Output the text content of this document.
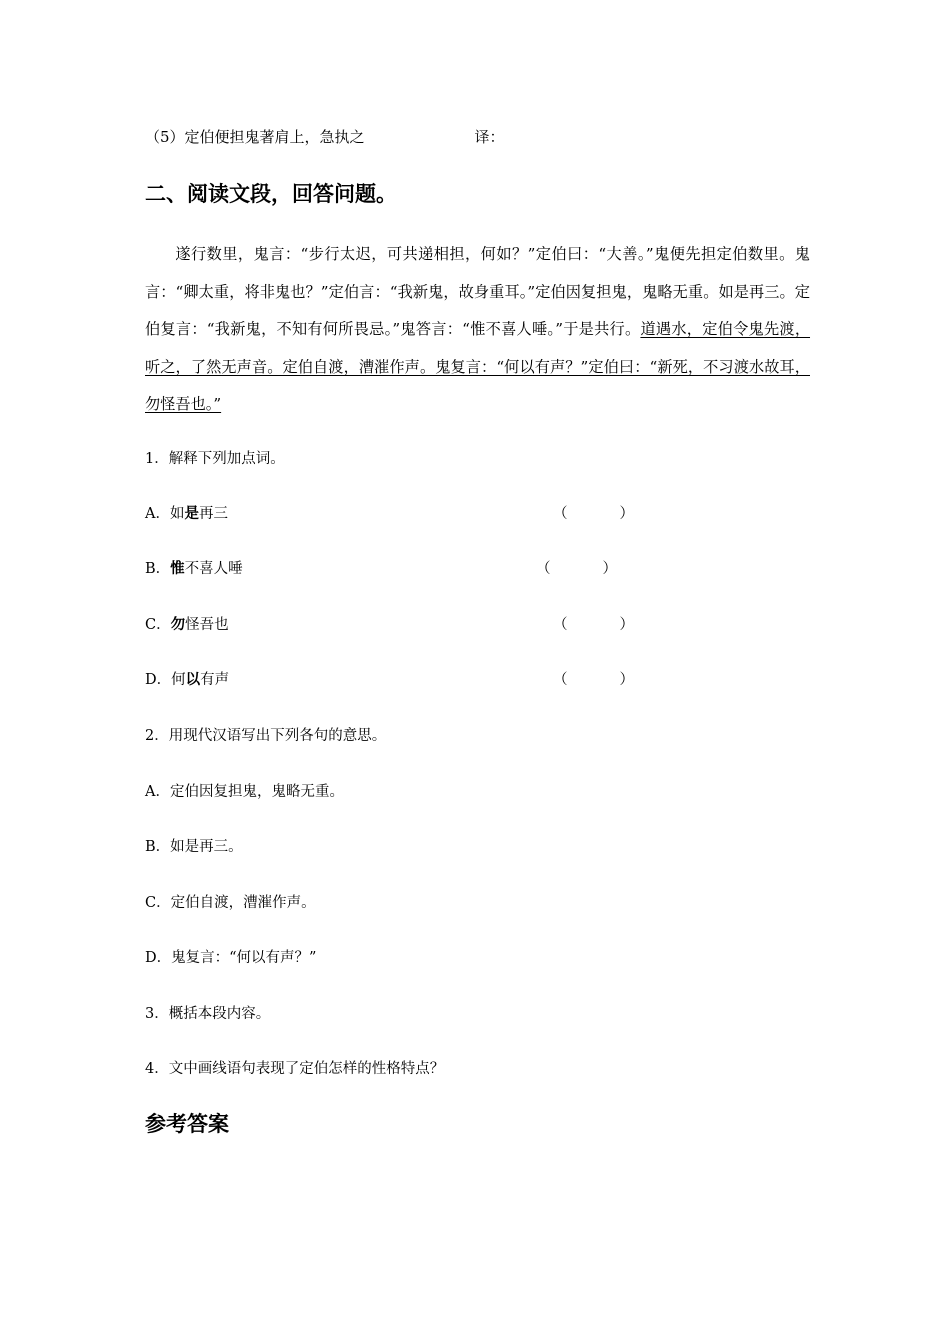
（5）定伯便担鬼著肩上，急执之	译：
二、阅读文段，回答问题。
遂行数里，鬼言：“步行太迟，可共递相担，何如？”定伯曰：“大善。”鬼便先担定伯数里。鬼言：“卿太重，将非鬼也？”定伯言：“我新鬼，故身重耳。”定伯因复担鬼，鬼略无重。如是再三。定伯复言：“我新鬼，不知有何所畏忌。”鬼答言：“惟不喜人唾。”于是共行。道遇水，定伯令鬼先渡，听之，了然无声音。定伯自渡，漕漼作声。鬼复言：“何以有声？”定伯曰：“新死，不习渡水故耳，勿怪吾也。”
1．解释下列加点词。
A．如是再三	（	）
B．惟不喜人唾	（	）
C．勿怪吾也	（	）
D．何以有声	（	）
2．用现代汉语写出下列各句的意思。
A．定伯因复担鬼，鬼略无重。
B．如是再三。
C．定伯自渡，漕漼作声。
D．鬼复言：“何以有声？”
3．概括本段内容。
4．文中画线语句表现了定伯怎样的性格特点？
参考答案
